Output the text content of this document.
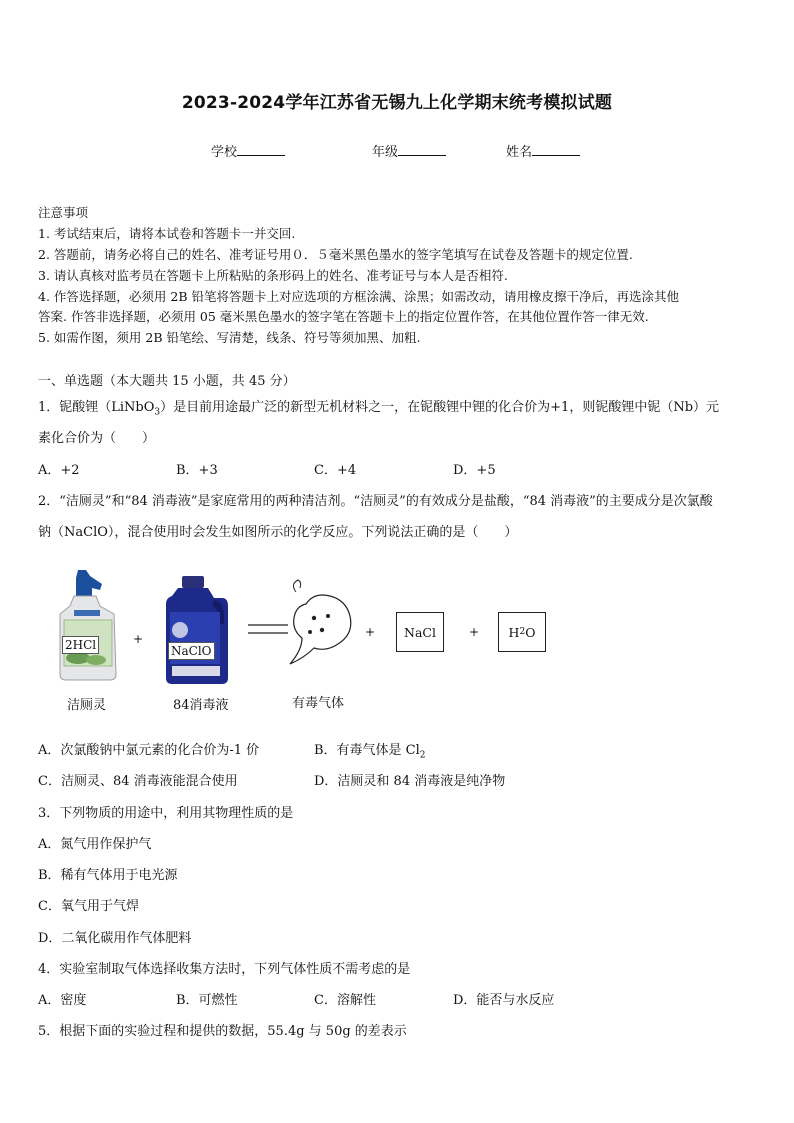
2023-2024学年江苏省无锡九上化学期末统考模拟试题
学校	年级	姓名
注意事项
1. 考试结束后，请将本试卷和答题卡一并交回.
2. 答题前，请务必将自己的姓名、准考证号用０．５毫米黑色墨水的签字笔填写在试卷及答题卡的规定位置.
3. 请认真核对监考员在答题卡上所粘贴的条形码上的姓名、准考证号与本人是否相符.
4. 作答选择题，必须用 2B 铅笔将答题卡上对应选项的方框涂满、涂黑；如需改动，请用橡皮擦干净后，再选涂其他
答案. 作答非选择题，必须用 05 毫米黑色墨水的签字笔在答题卡上的指定位置作答，在其他位置作答一律无效.
5. 如需作图，须用 2B 铅笔绘、写清楚，线条、符号等须加黑、加粗.
一、单选题（本大题共 15 小题，共 45 分）
1．铌酸锂（LiNbO$_3$）是目前用途最广泛的新型无机材料之一，在铌酸锂中锂的化合价为+1，则铌酸锂中铌（Nb）元
素化合价为（　　）
A．+2	B．+3	C．+4	D．+5
2．“洁厕灵”和“84 消毒液”是家庭常用的两种清洁剂。“洁厕灵”的有效成分是盐酸，“84 消毒液”的主要成分是次氯酸
钠（NaClO），混合使用时会发生如图所示的化学反应。下列说法正确的是（　　）
2HCl
洁厕灵
+
NaClO
84消毒液	有毒气体
+	NaCl	+ H 2 O
A．次氯酸钠中氯元素的化合价为-1 价	B．有毒气体是 $Cl_2$
C．洁厕灵、84 消毒液能混合使用	D．洁厕灵和 84 消毒液是纯净物
3．下列物质的用途中，利用其物理性质的是
A．氮气用作保护气
B．稀有气体用于电光源
C．氧气用于气焊
D．二氧化碳用作气体肥料
4．实验室制取气体选择收集方法时，下列气体性质不需考虑的是
A．密度	B．可燃性	C．溶解性	D．能否与水反应
5．根据下面的实验过程和提供的数据，55.4g 与 50g 的差表示
